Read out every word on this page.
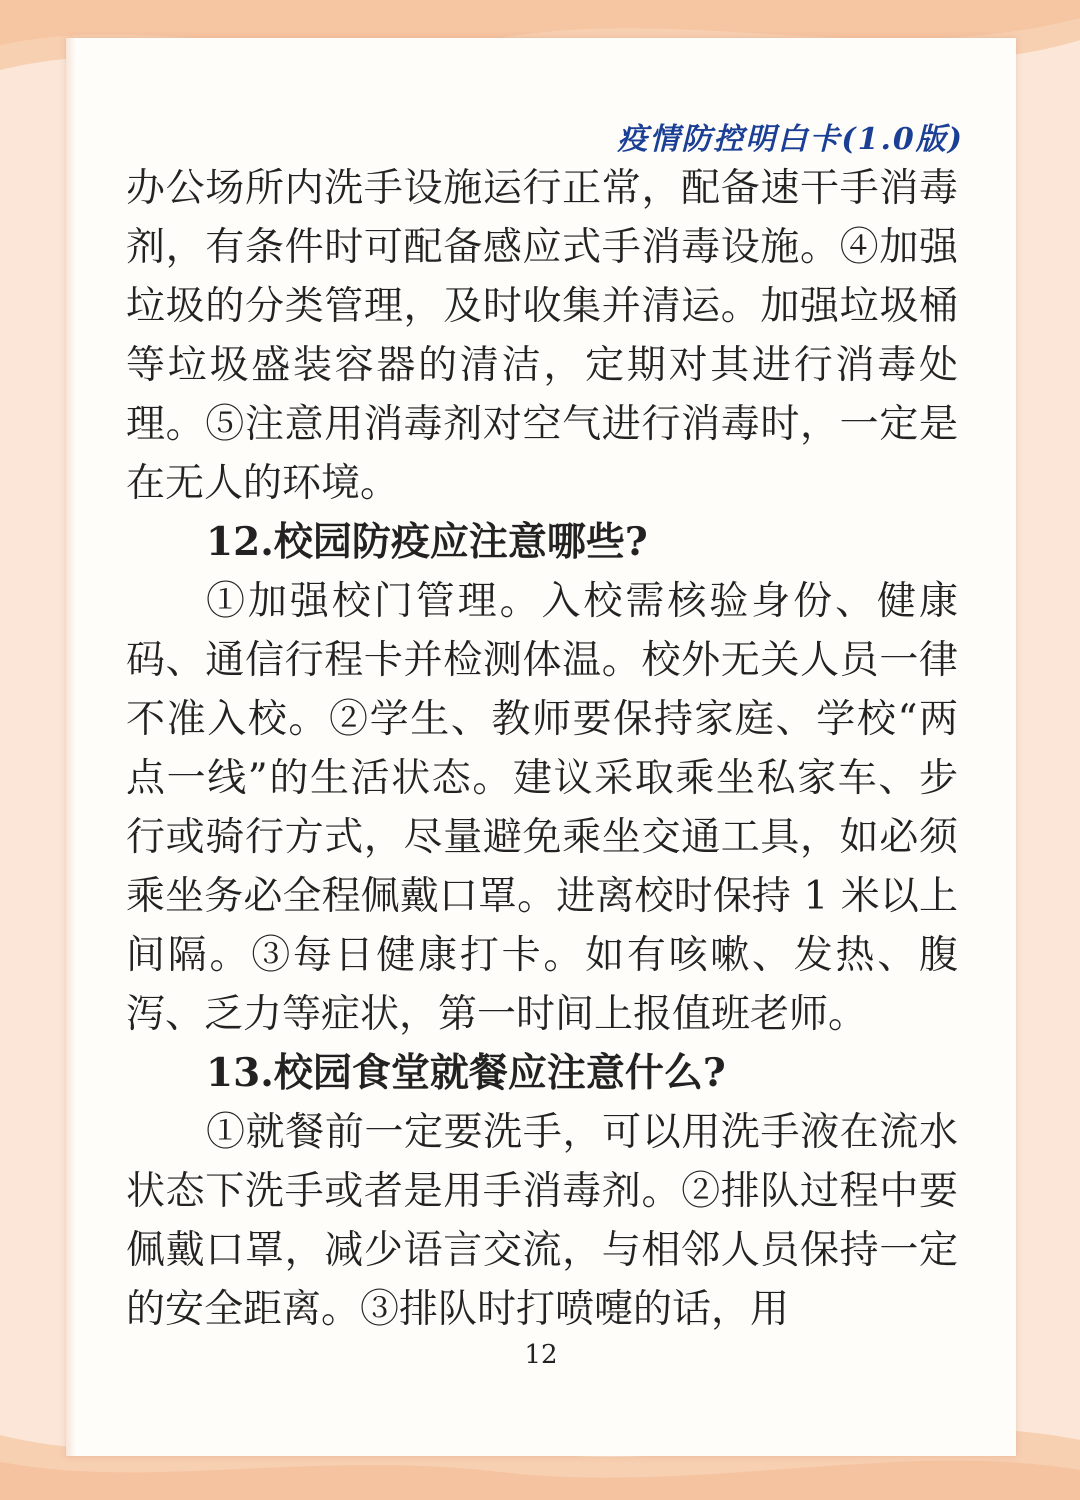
疫情防控明白卡(1.0版)

办公场所内洗手设施运行正常，配备速干手消毒剂，有条件时可配备感应式手消毒设施。④加强垃圾的分类管理，及时收集并清运。加强垃圾桶等垃圾盛装容器的清洁，定期对其进行消毒处理。⑤注意用消毒剂对空气进行消毒时，一定是在无人的环境。

12.校园防疫应注意哪些?

①加强校门管理。入校需核验身份、健康码、通信行程卡并检测体温。校外无关人员一律不准入校。②学生、教师要保持家庭、学校“两点一线”的生活状态。建议采取乘坐私家车、步行或骑行方式，尽量避免乘坐交通工具，如必须乘坐务必全程佩戴口罩。进离校时保持 1 米以上间隔。③每日健康打卡。如有咳嗽、发热、腹泻、乏力等症状，第一时间上报值班老师。

13.校园食堂就餐应注意什么?

①就餐前一定要洗手，可以用洗手液在流水状态下洗手或者是用手消毒剂。②排队过程中要佩戴口罩，减少语言交流，与相邻人员保持一定的安全距离。③排队时打喷嚏的话，用

12
